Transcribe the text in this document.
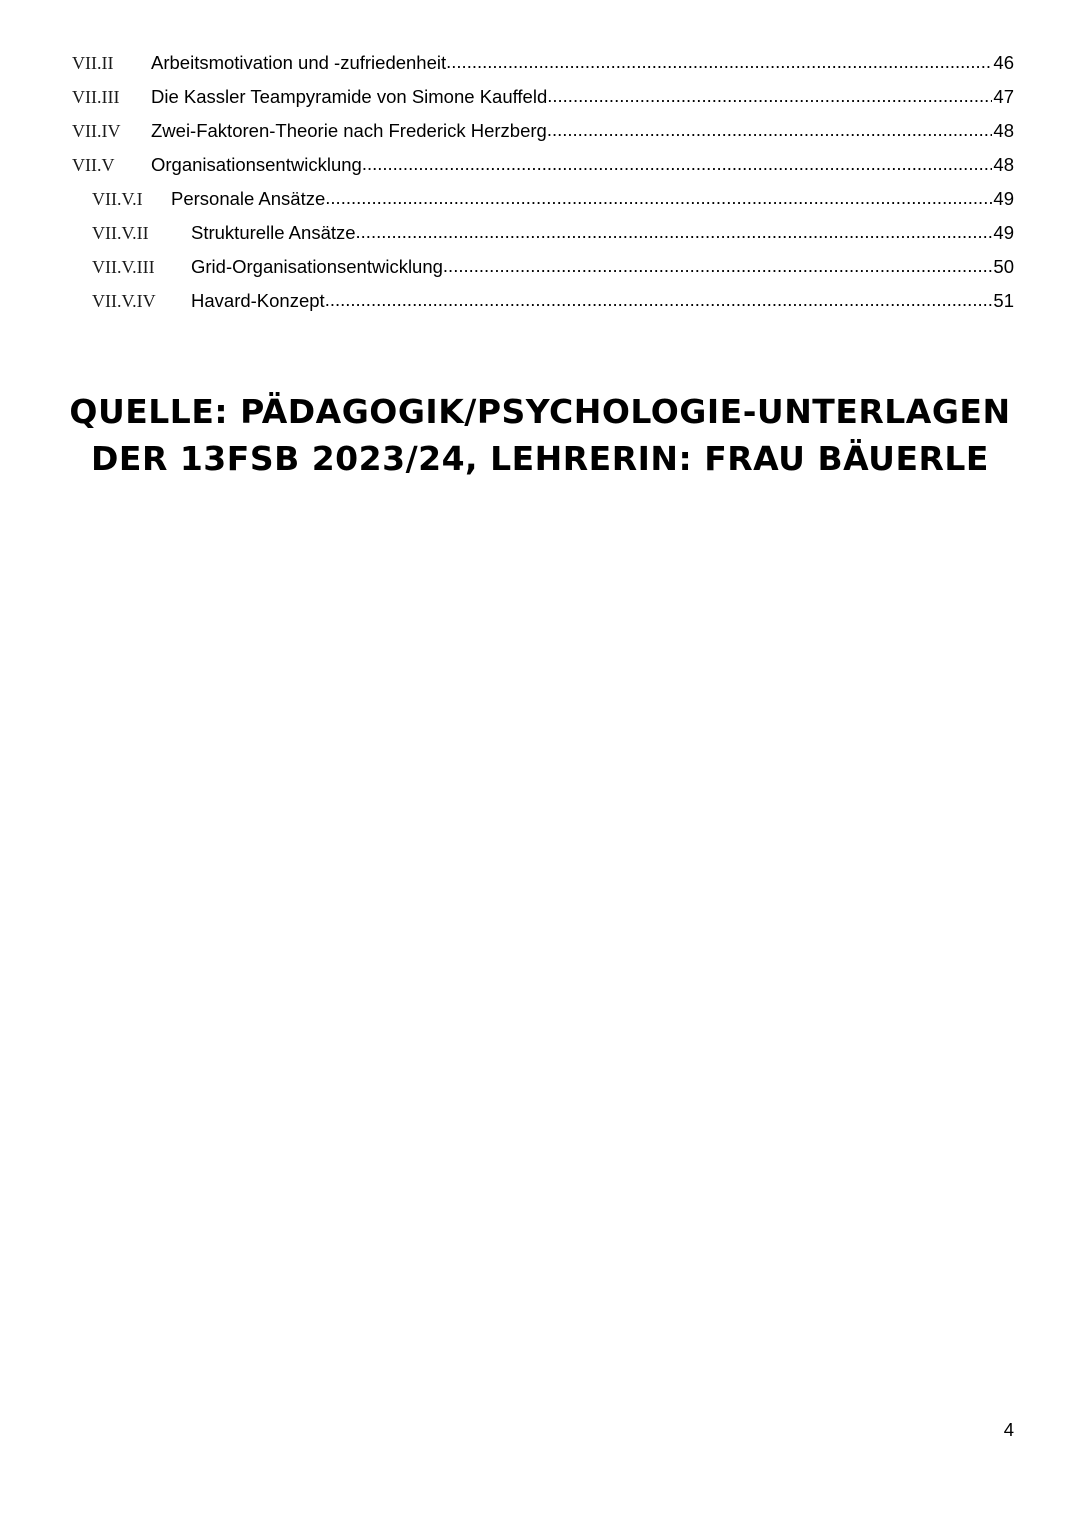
VII.II	Arbeitsmotivation und -zufriedenheit .....	46
VII.III	Die Kassler Teampyramide von Simone Kauffeld .....	47
VII.IV	Zwei-Faktoren-Theorie nach Frederick Herzberg .....	48
VII.V	Organisationsentwicklung .....	48
VII.V.I	Personale Ansätze .....	49
VII.V.II	Strukturelle Ansätze .....	49
VII.V.III	Grid-Organisationsentwicklung .....	50
VII.V.IV	Havard-Konzept .....	51
QUELLE: PÄDAGOGIK/PSYCHOLOGIE-UNTERLAGEN
DER 13FSB 2023/24, LEHRERIN: FRAU BÄUERLE
4
